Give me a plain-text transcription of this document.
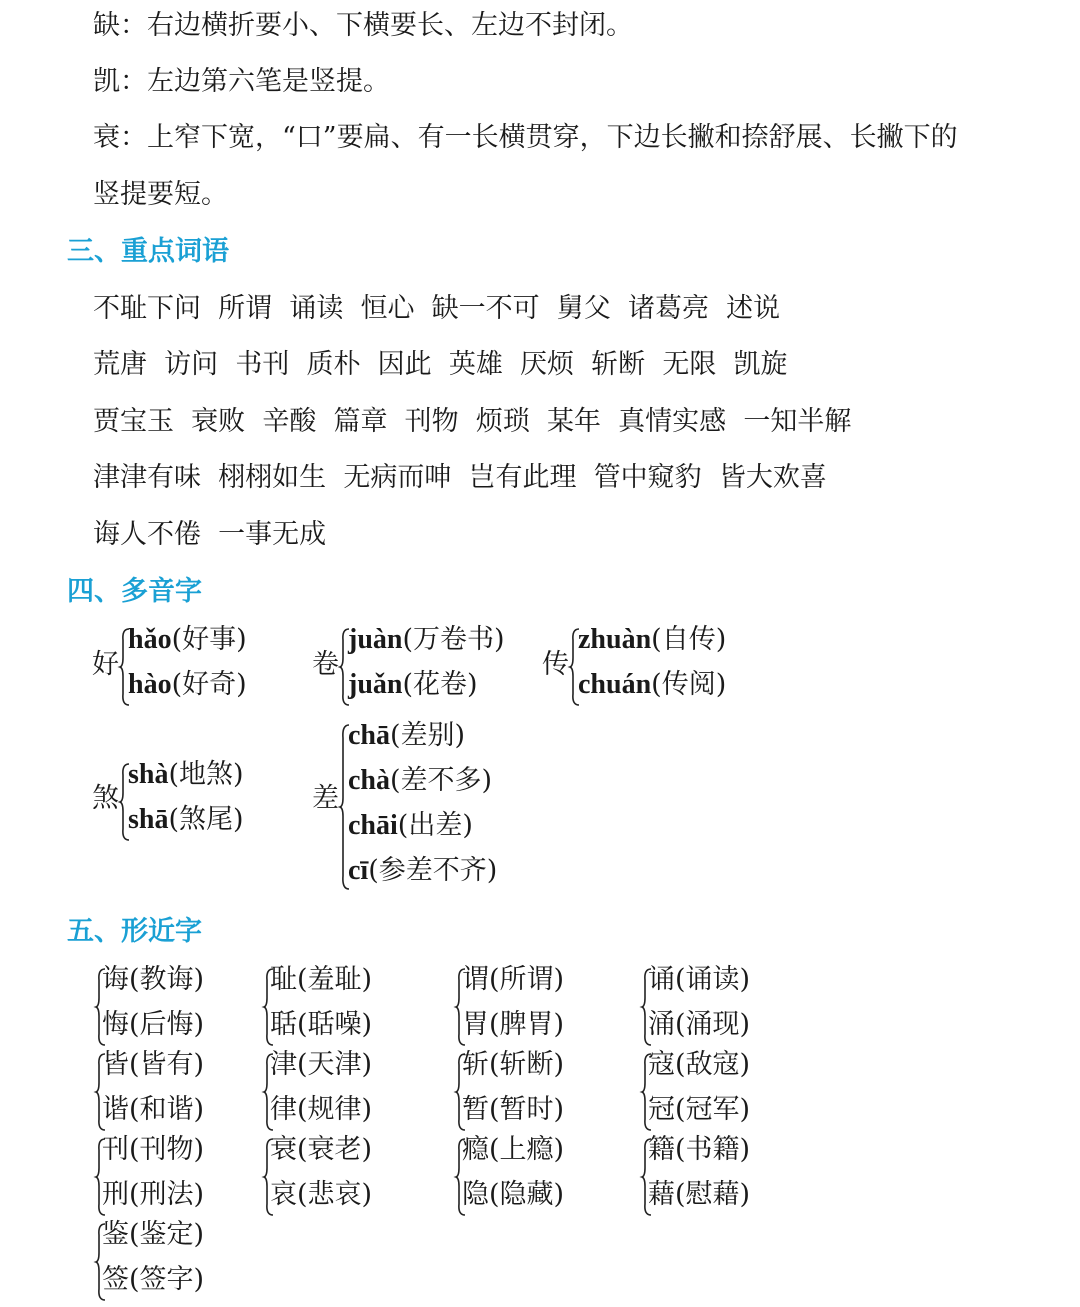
缺：右边横折要小、下横要长、左边不封闭。
凯：左边第六笔是竖提。
衰：上窄下宽，“口”要扁、有一长横贯穿，下边长撇和捺舒展、长撇下的
竖提要短。
三、重点词语
不耻下问  所谓  诵读  恒心  缺一不可  舅父  诸葛亮  述说
荒唐  访问  书刊  质朴  因此  英雄  厌烦  斩断  无限  凯旋
贾宝玉  衰败  辛酸  篇章  刊物  烦琐  某年  真情实感  一知半解
津津有味  栩栩如生  无病而呻  岂有此理  管中窥豹  皆大欢喜
诲人不倦  一事无成
四、多音字
好
hǎo(好事)
hào(好奇)
卷
juàn(万卷书)
juǎn(花卷)
传
zhuàn(自传)
chuán(传阅)
煞
shà(地煞)
shā(煞尾)
差
chā(差别)
chà(差不多)
chāi(出差)
cī(参差不齐)
五、形近字
诲(教诲)
悔(后悔)
耻(羞耻)
聒(聒噪)
谓(所谓)
胃(脾胃)
诵(诵读)
涌(涌现)
皆(皆有)
谐(和谐)
津(天津)
律(规律)
斩(斩断)
暂(暂时)
寇(敌寇)
冠(冠军)
刊(刊物)
刑(刑法)
衰(衰老)
哀(悲哀)
瘾(上瘾)
隐(隐藏)
籍(书籍)
藉(慰藉)
鉴(鉴定)
签(签字)
